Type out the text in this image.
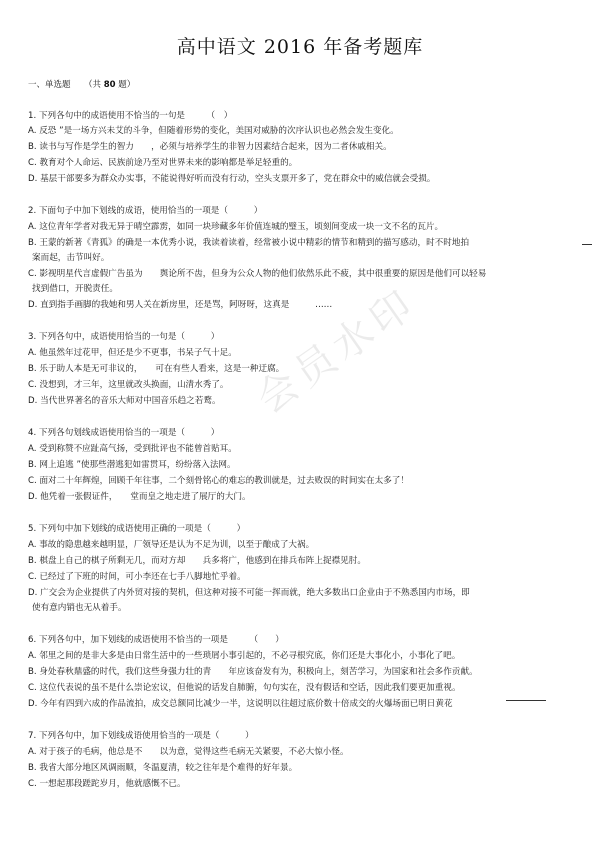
高中语文 2016 年备考题库
一、单选题 （共 80 题）
1. 下列各句中的成语使用不恰当的一句是　　　（　）
A. 反恐 ”是一场方兴未艾的斗争，但随着形势的变化，美国对威胁的次序认识也必然会发生变化。
B. 读书与写作是学生的智力　　，必须与培养学生的非智力因素结合起来，因为二者休戚相关。
C. 教育对个人命运、民族前途乃至对世界未来的影响都是举足轻重的。
D. 基层干部要多为群众办实事，不能说得好听而没有行动，空头支票开多了，党在群众中的威信就会受损。
2. 下面句子中加下划线的成语，使用恰当的一项是（　　　）
A. 这位青年学者对我无异于晴空霹雳，如同一块珍藏多年价值连城的璧玉，顷刻间变成一块一文不名的瓦片。
B. 王蒙的新著《青狐》的确是一本优秀小说，我读着读着，经常被小说中精彩的情节和精到的描写感动，时不时地拍
案而起，击节叫好。
C. 影视明星代言虚假广告虽为　　舆论所不齿，但身为公众人物的他们依然乐此不疲，其中很重要的原因是他们可以轻易
找到借口，开脱责任。
D. 直到指手画脚的我她和男人关在新房里，还是骂，阿呀呀，这真是　　　……
3. 下列各句中，成语使用恰当的一句是（　　　）
A. 他虽然年过花甲，但还是少不更事，书呆子气十足。
B. 乐于助人本是无可非议的，　　可在有些人看来，这是一种迂腐。
C. 没想到，才三年，这里就改头换面，山清水秀了。
D. 当代世界著名的音乐大师对中国音乐趋之若鹜。
4. 下列各句划线成语使用恰当的一项是（　　　）
A. 受到称赞不应趾高气扬，受到批评也不能曾首贴耳。
B. 网上追逃 ”使那些潜逃犯如雷贯耳，纷纷落入法网。
C. 面对二十年辉煌，回顾千年往事，二个刻骨铭心的难忘的教训就是，过去败误的时间实在太多了！
D. 他凭着一张假证件，　　堂而皇之地走进了展厅的大门。
5. 下列句中加下划线的成语使用正确的一项是（　　　）
A. 事故的隐患越来越明显，厂领导还是认为不足为训，以至于酿成了大祸。
B. 棋盘上自己的棋子所剩无几，而对方却　　兵多将广，他感到在排兵布阵上捉襟见肘。
C. 已经过了下班的时间，可小李还在七手八脚地忙乎着。
D. 广交会为企业提供了内外贸对接的契机，但这种对接不可能一挥而就，绝大多数出口企业由于不熟悉国内市场，即
使有意内销也无从着手。
6. 下列各句中，加下划线的成语使用不恰当的一项是　　　（　　）
A. 邻里之间的是非大多是由日常生活中的一些琐屑小事引起的，不必寻根究底，你们还是大事化小，小事化了吧。
B. 身处春秋鼎盛的时代，我们这些身强力壮的青　　年应该奋发有为，积极向上，刻苦学习，为国家和社会多作贡献。
C. 这位代表说的虽不是什么崇论宏议，但他说的话发自肺腑，句句实在，没有假话和空话，因此我们要更加重视。
D. 今年有四到六成的作品流拍，成交总额同比减少一半，这说明以往超过底价数十倍成交的火爆场面已明日黄花
7. 下列各句中，加下划线成语使用恰当的一项是（　　　）
A. 对于孩子的毛病，他总是不　　以为意，觉得这些毛病无关紧要，不必大惊小怪。
B. 我省大部分地区风调雨顺，冬温夏清，较之往年是个难得的好年景。
C. 一想起那段蹉跎岁月，他就感慨不已。
会员水印
